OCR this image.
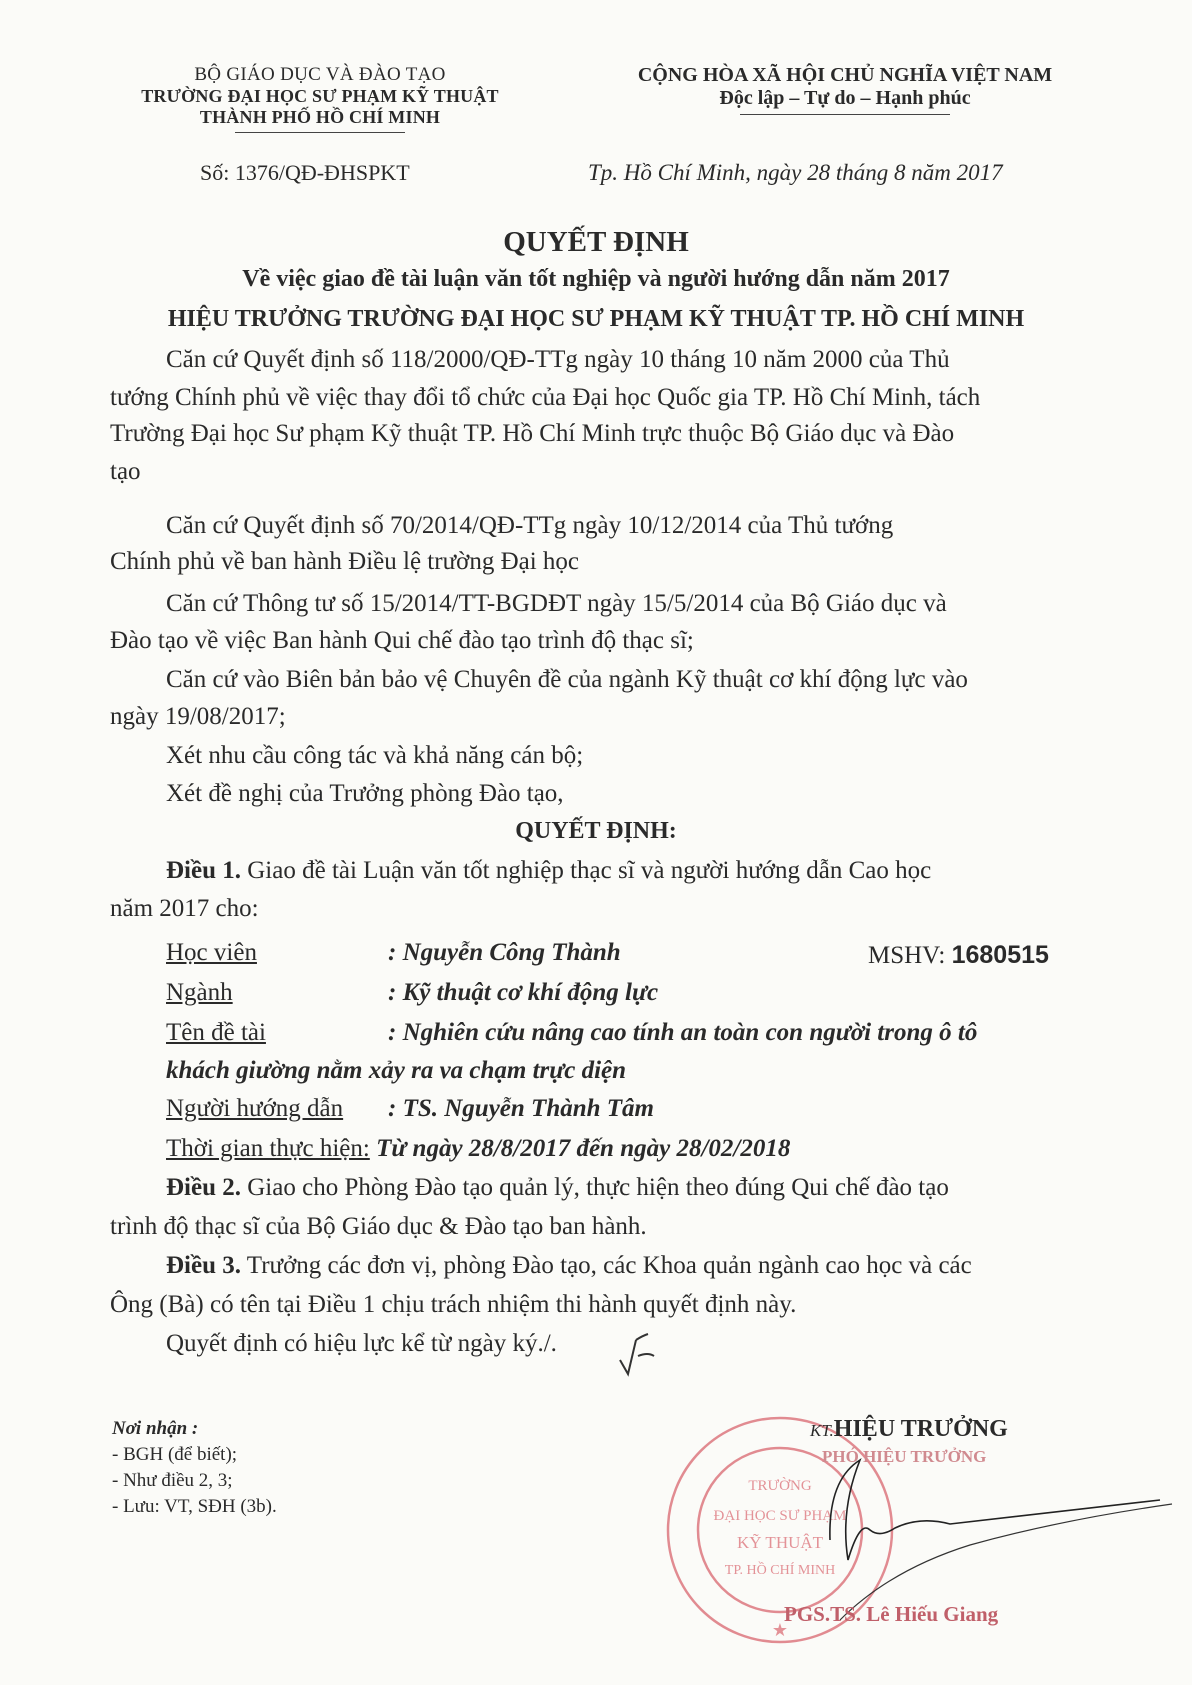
BỘ GIÁO DỤC VÀ ĐÀO TẠO
TRƯỜNG ĐẠI HỌC SƯ PHẠM KỸ THUẬT
THÀNH PHỐ HỒ CHÍ MINH
CỘNG HÒA XÃ HỘI CHỦ NGHĨA VIỆT NAM
Độc lập – Tự do – Hạnh phúc
Số: 1376/QĐ-ĐHSPKT	Tp. Hồ Chí Minh, ngày 28 tháng 8 năm 2017
QUYẾT ĐỊNH
Về việc giao đề tài luận văn tốt nghiệp và người hướng dẫn năm 2017
HIỆU TRƯỞNG TRƯỜNG ĐẠI HỌC SƯ PHẠM KỸ THUẬT TP. HỒ CHÍ MINH
Căn cứ Quyết định số 118/2000/QĐ-TTg ngày 10 tháng 10 năm 2000 của Thủ
tướng Chính phủ về việc thay đổi tổ chức của Đại học Quốc gia TP. Hồ Chí Minh, tách
Trường Đại học Sư phạm Kỹ thuật TP. Hồ Chí Minh trực thuộc Bộ Giáo dục và Đào
tạo
Căn cứ Quyết định số 70/2014/QĐ-TTg ngày 10/12/2014 của Thủ tướng
Chính phủ về ban hành Điều lệ trường Đại học
Căn cứ Thông tư số 15/2014/TT-BGDĐT ngày 15/5/2014 của Bộ Giáo dục và
Đào tạo về việc Ban hành Qui chế đào tạo trình độ thạc sĩ;
Căn cứ vào Biên bản bảo vệ Chuyên đề của ngành Kỹ thuật cơ khí động lực vào
ngày 19/08/2017;
Xét nhu cầu công tác và khả năng cán bộ;
Xét đề nghị của Trưởng phòng Đào tạo,
QUYẾT ĐỊNH:
Điều 1. Giao đề tài Luận văn tốt nghiệp thạc sĩ và người hướng dẫn Cao học
năm 2017 cho:
Học viên	: Nguyễn Công Thành	MSHV: 1680515
Ngành	: Kỹ thuật cơ khí động lực
Tên đề tài	: Nghiên cứu nâng cao tính an toàn con người trong ô tô
khách giường nằm xảy ra va chạm trực diện
Người hướng dẫn : TS. Nguyễn Thành Tâm
Thời gian thực hiện: Từ ngày 28/8/2017 đến ngày 28/02/2018
Điều 2. Giao cho Phòng Đào tạo quản lý, thực hiện theo đúng Qui chế đào tạo
trình độ thạc sĩ của Bộ Giáo dục & Đào tạo ban hành.
Điều 3. Trưởng các đơn vị, phòng Đào tạo, các Khoa quản ngành cao học và các
Ông (Bà) có tên tại Điều 1 chịu trách nhiệm thi hành quyết định này.
Quyết định có hiệu lực kể từ ngày ký./.
Nơi nhận :
- BGH (để biết);
- Như điều 2, 3;
- Lưu: VT, SĐH (3b).
TRƯỜNG
ĐẠI HỌC SƯ PHẠM
KỸ THUẬT
TP. HỒ CHÍ MINH
★
KT.HIỆU TRƯỞNG
PHÓ HIỆU TRƯỞNG
PGS.TS. Lê Hiếu Giang
